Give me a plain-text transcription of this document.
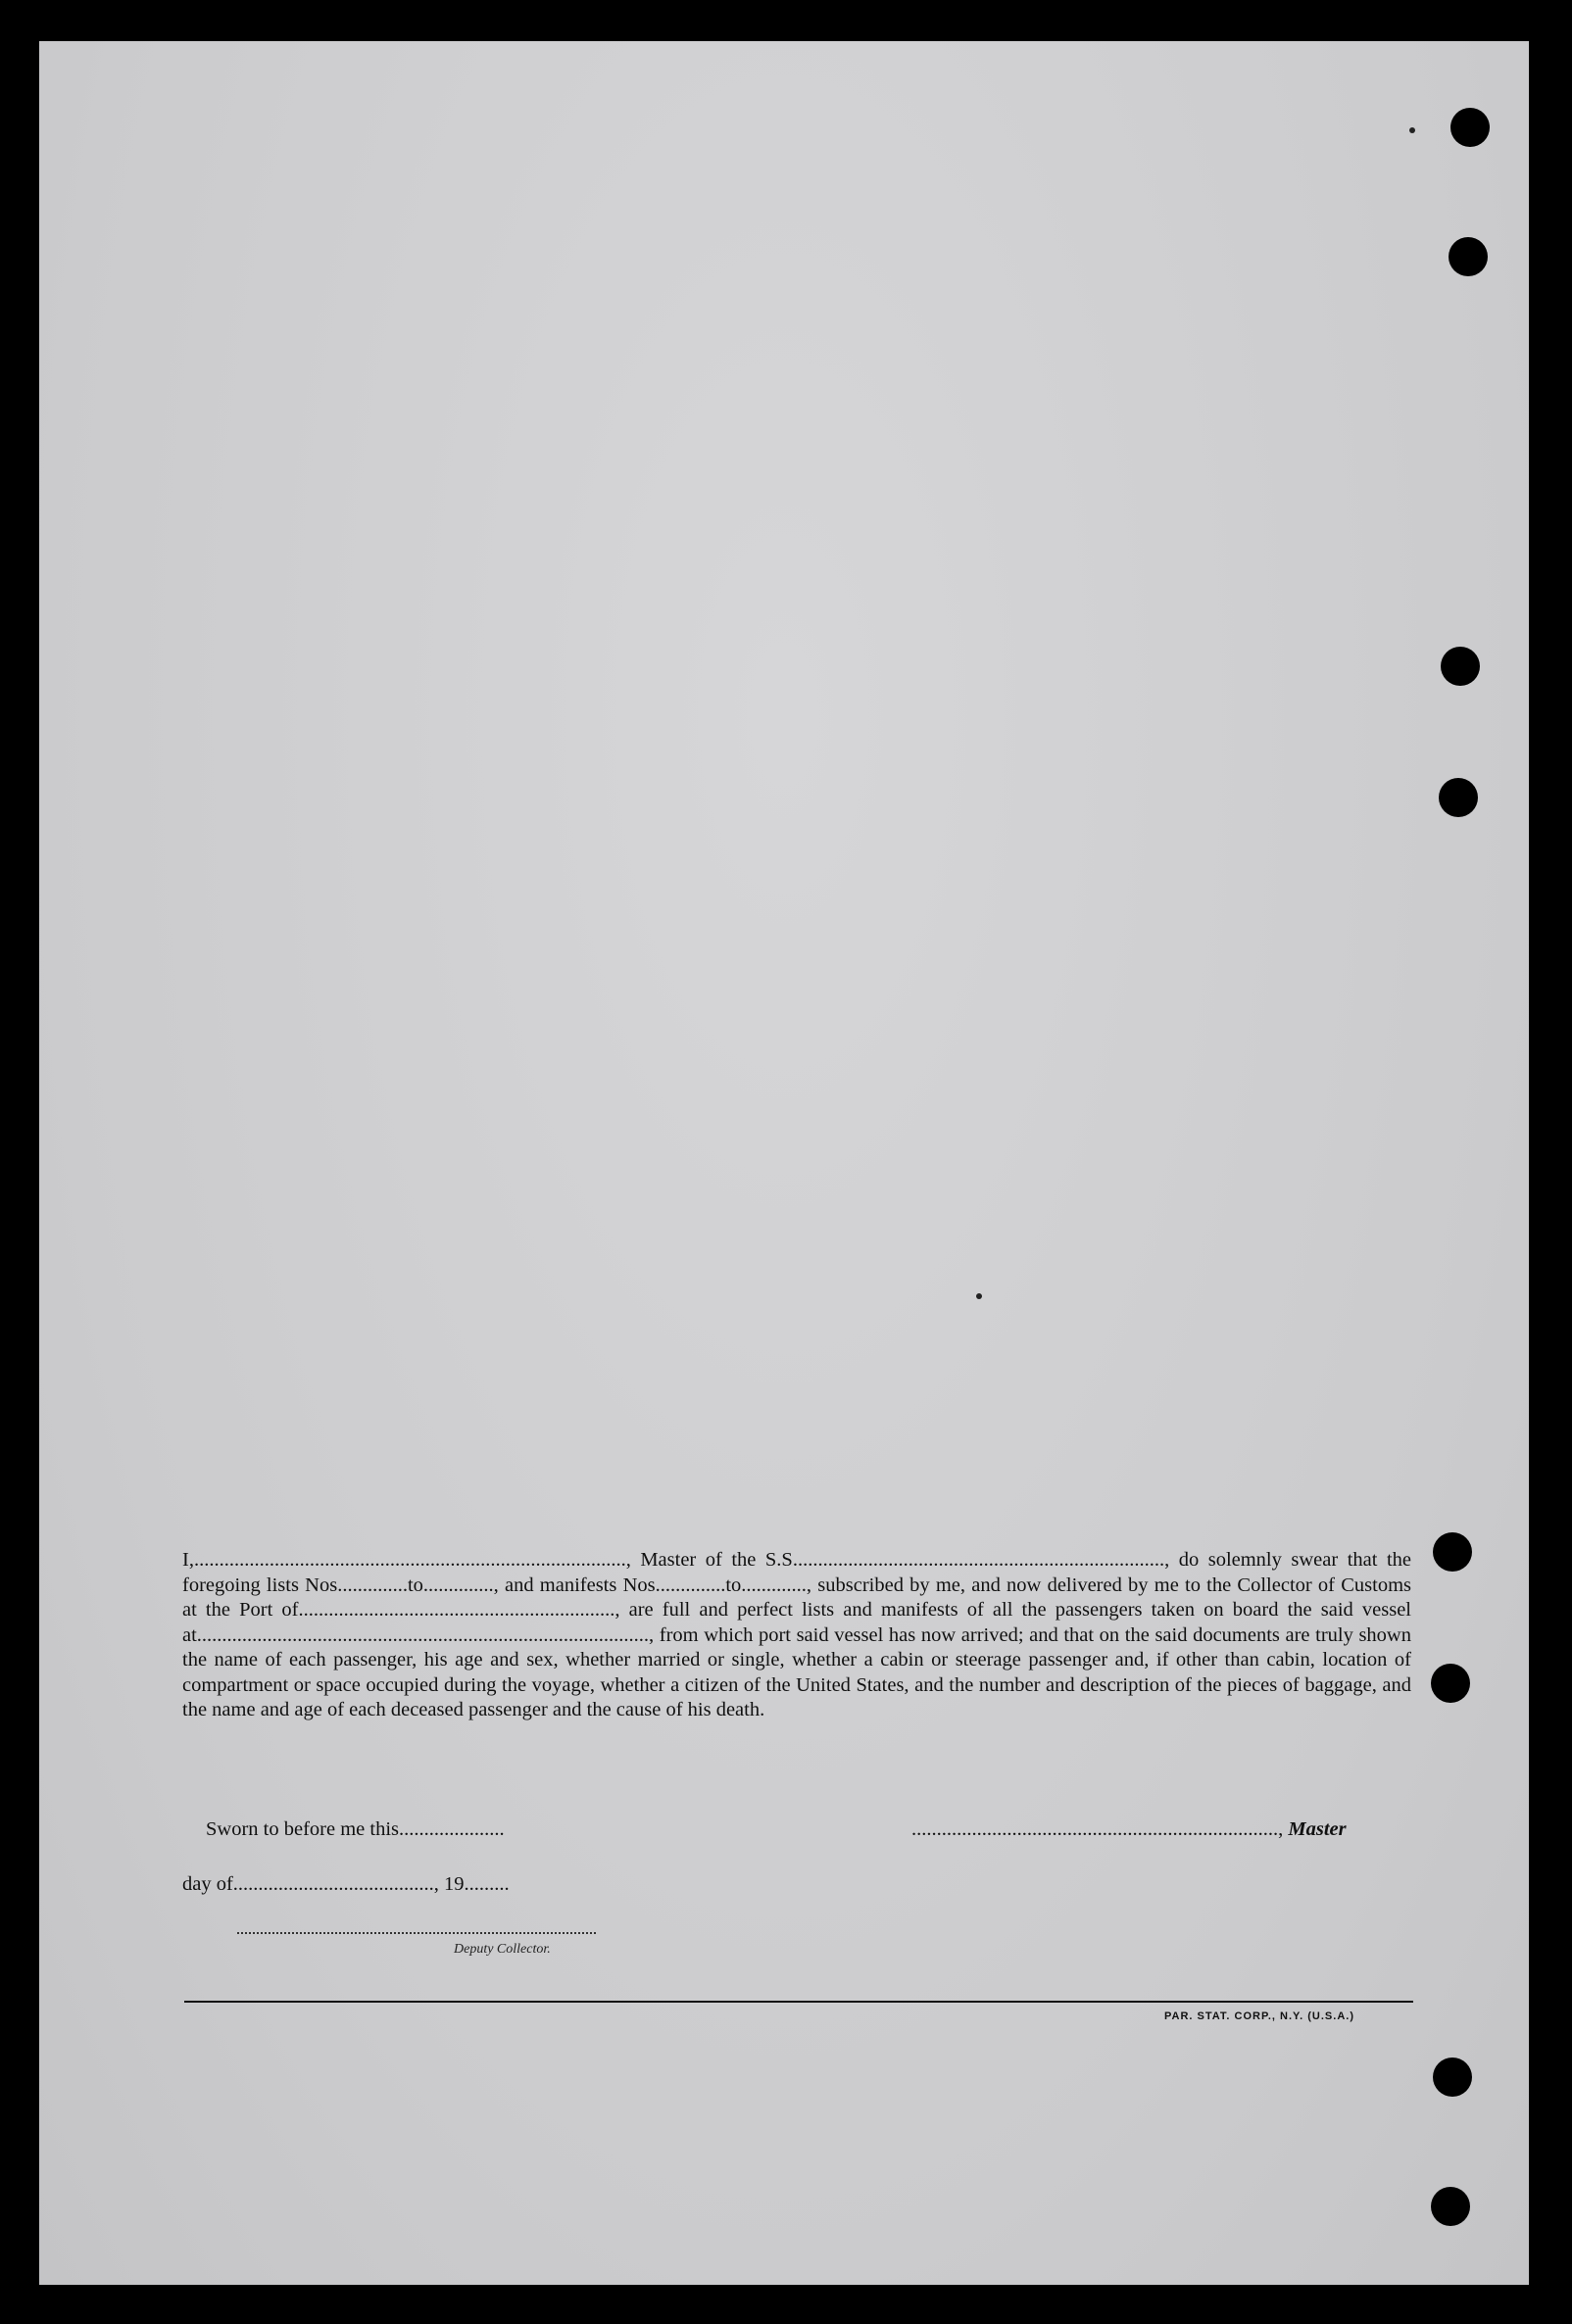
I,......................................................................................, Master of the S.S.........................................................................., do solemnly swear that the foregoing lists Nos..............to.............., and manifests Nos..............to............., subscribed by me, and now delivered by me to the Collector of Customs at the Port of..............................................................., are full and perfect lists and manifests of all the passengers taken on board the said vessel at.........................................................................................., from which port said vessel has now arrived; and that on the said documents are truly shown the name of each passenger, his age and sex, whether married or single, whether a cabin or steerage passenger and, if other than cabin, location of compartment or space occupied during the voyage, whether a citizen of the United States, and the number and description of the pieces of baggage, and the name and age of each deceased passenger and the cause of his death.
Sworn to before me this.....................	........................................................................., Master
day of........................................, 19.........
Deputy Collector.
PAR. STAT. CORP., N.Y. (U.S.A.)
